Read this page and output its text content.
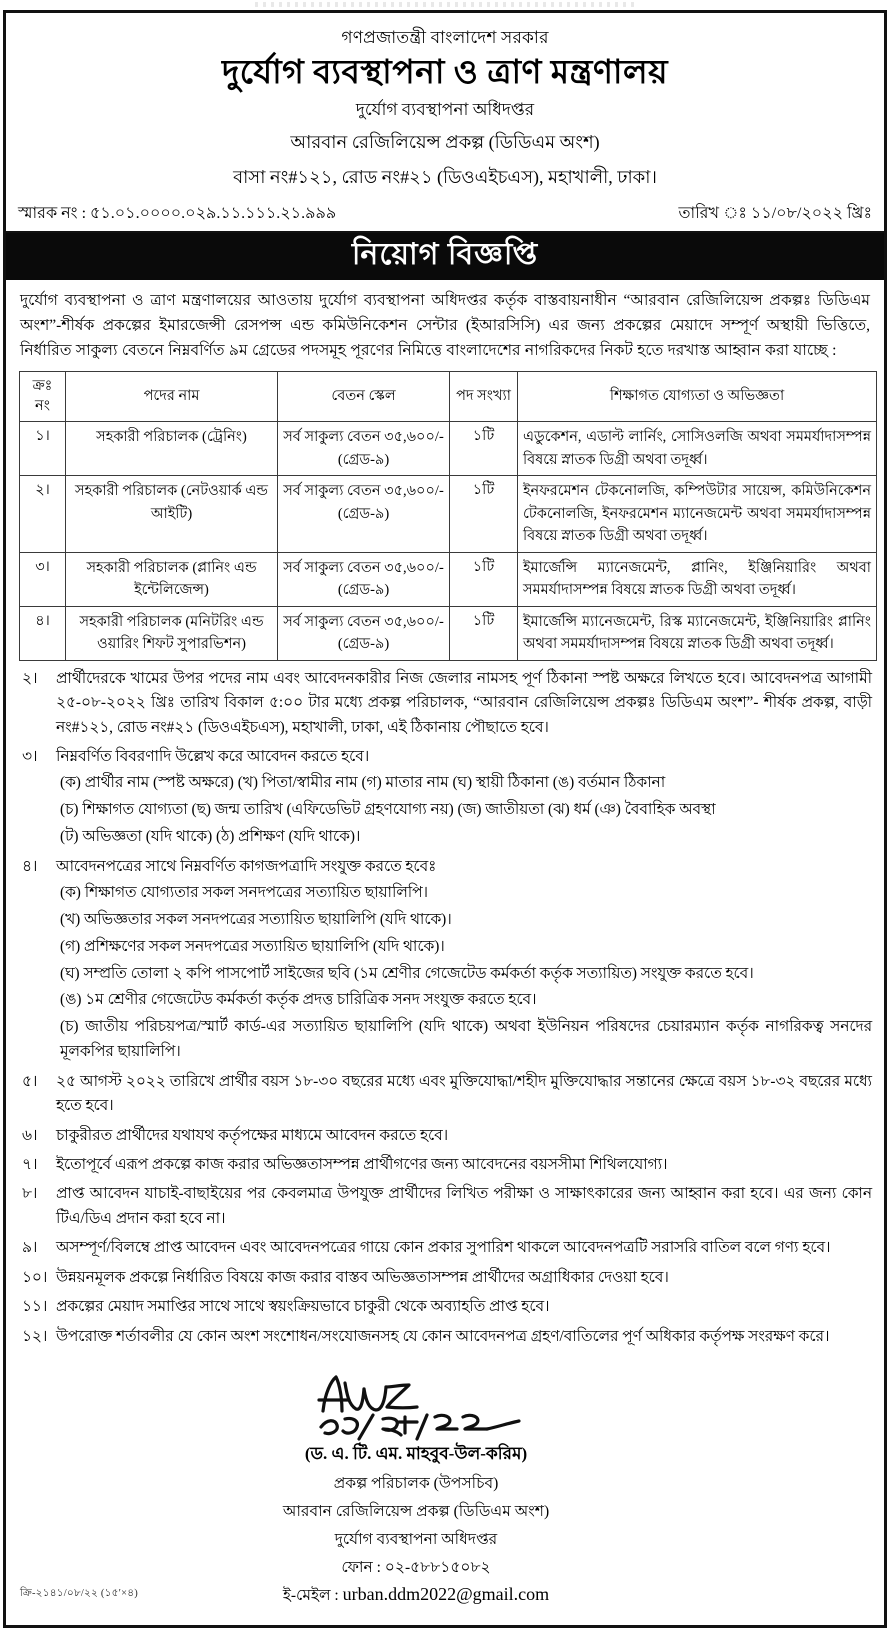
গণপ্রজাতন্ত্রী বাংলাদেশ সরকার
দুর্যোগ ব্যবস্থাপনা ও ত্রাণ মন্ত্রণালয়
দুর্যোগ ব্যবস্থাপনা অধিদপ্তর
আরবান রেজিলিয়েন্স প্রকল্প (ডিডিএম অংশ)
বাসা নং#১২১, রোড নং#২১ (ডিওএইচএস), মহাখালী, ঢাকা।
স্মারক নং : ৫১.০১.০০০০.০২৯.১১.১১১.২১.৯৯৯	তারিখ ঃ ১১/০৮/২০২২ খ্রিঃ
নিয়োগ বিজ্ঞপ্তি
দুর্যোগ ব্যবস্থাপনা ও ত্রাণ মন্ত্রণালয়ের আওতায় দুর্যোগ ব্যবস্থাপনা অধিদপ্তর কর্তৃক বাস্তবায়নাধীন “আরবান রেজিলিয়েন্স প্রকল্পঃ ডিডিএম অংশ”-শীর্ষক প্রকল্পের ইমারজেন্সী রেসপন্স এন্ড কমিউনিকেশন সেন্টার (ইআরসিসি) এর জন্য প্রকল্পের মেয়াদে সম্পূর্ণ অস্থায়ী ভিত্তিতে, নির্ধারিত সাকুল্য বেতনে নিম্নবর্ণিত ৯ম গ্রেডের পদসমূহ পূরণের নিমিত্তে বাংলাদেশের নাগরিকদের নিকট হতে দরখাস্ত আহ্বান করা যাচ্ছে :
ক্রঃ নং	পদের নাম	বেতন স্কেল	পদ সংখ্যা	শিক্ষাগত যোগ্যতা ও অভিজ্ঞতা
১।	সহকারী পরিচালক (ট্রেনিং)	সর্ব সাকুল্য বেতন ৩৫,৬০০/- (গ্রেড-৯)	১টি	এডুকেশন, এডাল্ট লার্নিং, সোসিওলজি অথবা সমমর্যাদাসম্পন্ন বিষয়ে স্নাতক ডিগ্রী অথবা তদূর্ধ্ব।
২।	সহকারী পরিচালক (নেটওয়ার্ক এন্ড আইটি)	সর্ব সাকুল্য বেতন ৩৫,৬০০/- (গ্রেড-৯)	১টি	ইনফরমেশন টেকনোলজি, কম্পিউটার সায়েন্স, কমিউনিকেশন টেকনোলজি, ইনফরমেশন ম্যানেজমেন্ট অথবা সমমর্যাদাসম্পন্ন বিষয়ে স্নাতক ডিগ্রী অথবা তদূর্ধ্ব।
৩।	সহকারী পরিচালক (প্লানিং এন্ড ইন্টেলিজেন্স)	সর্ব সাকুল্য বেতন ৩৫,৬০০/- (গ্রেড-৯)	১টি	ইমার্জেন্সি ম্যানেজমেন্ট, প্লানিং, ইঞ্জিনিয়ারিং অথবা সমমর্যাদাসম্পন্ন বিষয়ে স্নাতক ডিগ্রী অথবা তদূর্ধ্ব।
৪।	সহকারী পরিচালক (মনিটরিং এন্ড ওয়ারিং শিফট সুপারভিশন)	সর্ব সাকুল্য বেতন ৩৫,৬০০/- (গ্রেড-৯)	১টি	ইমার্জেন্সি ম্যানেজমেন্ট, রিস্ক ম্যানেজমেন্ট, ইঞ্জিনিয়ারিং প্লানিং অথবা সমমর্যাদাসম্পন্ন বিষয়ে স্নাতক ডিগ্রী অথবা তদূর্ধ্ব।
২।	প্রার্থীদেরকে খামের উপর পদের নাম এবং আবেদনকারীর নিজ জেলার নামসহ পূর্ণ ঠিকানা স্পষ্ট অক্ষরে লিখতে হবে। আবেদনপত্র আগামী ২৫-০৮-২০২২ খ্রিঃ তারিখ বিকাল ৫:০০ টার মধ্যে প্রকল্প পরিচালক, “আরবান রেজিলিয়েন্স প্রকল্পঃ ডিডিএম অংশ”- শীর্ষক প্রকল্প, বাড়ী নং#১২১, রোড নং#২১ (ডিওএইচএস), মহাখালী, ঢাকা, এই ঠিকানায় পৌছাতে হবে।
৩।	নিম্নবর্ণিত বিবরণাদি উল্লেখ করে আবেদন করতে হবে।
(ক) প্রার্থীর নাম (স্পষ্ট অক্ষরে) (খ) পিতা/স্বামীর নাম (গ) মাতার নাম (ঘ) স্থায়ী ঠিকানা (ঙ) বর্তমান ঠিকানা
(চ) শিক্ষাগত যোগ্যতা (ছ) জন্ম তারিখ (এফিডেভিট গ্রহণযোগ্য নয়) (জ) জাতীয়তা (ঝ) ধর্ম (ঞ) বৈবাহিক অবস্থা
(ট) অভিজ্ঞতা (যদি থাকে) (ঠ) প্রশিক্ষণ (যদি থাকে)।
৪।	আবেদনপত্রের সাথে নিম্নবর্ণিত কাগজপত্রাদি সংযুক্ত করতে হবেঃ
(ক) শিক্ষাগত যোগ্যতার সকল সনদপত্রের সত্যায়িত ছায়ালিপি।
(খ) অভিজ্ঞতার সকল সনদপত্রের সত্যায়িত ছায়ালিপি (যদি থাকে)।
(গ) প্রশিক্ষণের সকল সনদপত্রের সত্যায়িত ছায়ালিপি (যদি থাকে)।
(ঘ) সম্প্রতি তোলা ২ কপি পাসপোর্ট সাইজের ছবি (১ম শ্রেণীর গেজেটেড কর্মকর্তা কর্তৃক সত্যায়িত) সংযুক্ত করতে হবে।
(ঙ) ১ম শ্রেণীর গেজেটেড কর্মকর্তা কর্তৃক প্রদত্ত চারিত্রিক সনদ সংযুক্ত করতে হবে।
(চ) জাতীয় পরিচয়পত্র/স্মার্ট কার্ড-এর সত্যায়িত ছায়ালিপি (যদি থাকে) অথবা ইউনিয়ন পরিষদের চেয়ারম্যান কর্তৃক নাগরিকত্ব সনদের মূলকপির ছায়ালিপি।
৫।	২৫ আগস্ট ২০২২ তারিখে প্রার্থীর বয়স ১৮-৩০ বছরের মধ্যে এবং মুক্তিযোদ্ধা/শহীদ মুক্তিযোদ্ধার সন্তানের ক্ষেত্রে বয়স ১৮-৩২ বছরের মধ্যে হতে হবে।
৬।	চাকুরীরত প্রার্থীদের যথাযথ কর্তৃপক্ষের মাধ্যমে আবেদন করতে হবে।
৭।	ইতোপূর্বে এরূপ প্রকল্পে কাজ করার অভিজ্ঞতাসম্পন্ন প্রার্থীগণের জন্য আবেদনের বয়সসীমা শিথিলযোগ্য।
৮।	প্রাপ্ত আবেদন যাচাই-বাছাইয়ের পর কেবলমাত্র উপযুক্ত প্রার্থীদের লিখিত পরীক্ষা ও সাক্ষাৎকারের জন্য আহ্বান করা হবে। এর জন্য কোন টিএ/ডিএ প্রদান করা হবে না।
৯।	অসম্পূর্ণ/বিলম্বে প্রাপ্ত আবেদন এবং আবেদনপত্রের গায়ে কোন প্রকার সুপারিশ থাকলে আবেদনপত্রটি সরাসরি বাতিল বলে গণ্য হবে।
১০। উন্নয়নমূলক প্রকল্পে নির্ধারিত বিষয়ে কাজ করার বাস্তব অভিজ্ঞতাসম্পন্ন প্রার্থীদের অগ্রাধিকার দেওয়া হবে।
১১। প্রকল্পের মেয়াদ সমাপ্তির সাথে সাথে স্বয়ংক্রিয়ভাবে চাকুরী থেকে অব্যাহতি প্রাপ্ত হবে।
১২। উপরোক্ত শর্তাবলীর যে কোন অংশ সংশোধন/সংযোজনসহ যে কোন আবেদনপত্র গ্রহণ/বাতিলের পূর্ণ অধিকার কর্তৃপক্ষ সংরক্ষণ করে।
(ড. এ. টি. এম. মাহবুব-উল-করিম)
প্রকল্প পরিচালক (উপসচিব)
আরবান রেজিলিয়েন্স প্রকল্প (ডিডিএম অংশ)
দুর্যোগ ব্যবস্থাপনা অধিদপ্তর
ফোন : ০২-৫৮৮১৫০৮২
ই-মেইল : urban.ddm2022@gmail.com
ক্রি-২১৪১/০৮/২২ (১৫′×৪)
